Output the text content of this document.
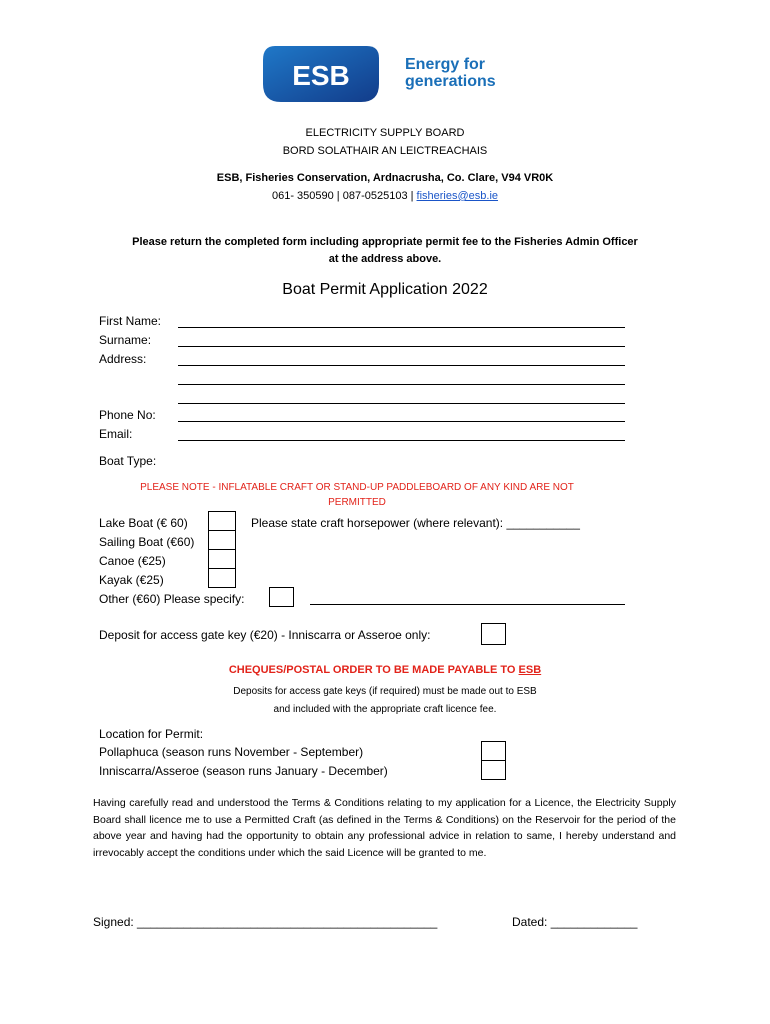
ESB	Energy for
generations
ELECTRICITY SUPPLY BOARD
BORD SOLATHAIR AN LEICTREACHAIS
ESB, Fisheries Conservation, Ardnacrusha, Co. Clare, V94 VR0K
061- 350590 | 087-0525103 | fisheries@esb.ie
Please return the completed form including appropriate permit fee to the Fisheries Admin Officer
at the address above.
Boat Permit Application 2022
First Name:
Surname:
Address:
Phone No:
Email:
Boat Type:
PLEASE NOTE - INFLATABLE CRAFT OR STAND-UP PADDLEBOARD OF ANY KIND ARE NOT
PERMITTED
Lake Boat (€ 60)
Sailing Boat (€60)
Canoe (€25)
Kayak (€25)
Other (€60) Please specify:
Please state craft horsepower (where relevant): ___________
Deposit for access gate key (€20) - Inniscarra or Asseroe only:
CHEQUES/POSTAL ORDER TO BE MADE PAYABLE TO ESB
Deposits for access gate keys (if required) must be made out to ESB
and included with the appropriate craft licence fee.
Location for Permit:
Pollaphuca (season runs November - September)
Inniscarra/Asseroe (season runs January - December)
Having carefully read and understood the Terms & Conditions relating to my application for a Licence, the Electricity Supply Board shall licence me to use a Permitted Craft (as defined in the Terms & Conditions) on the Reservoir for the period of the above year and having had the opportunity to obtain any professional advice in relation to same, I hereby understand and irrevocably accept the conditions under which the said Licence will be granted to me.
Signed: _____________________________________________	Dated: _____________
